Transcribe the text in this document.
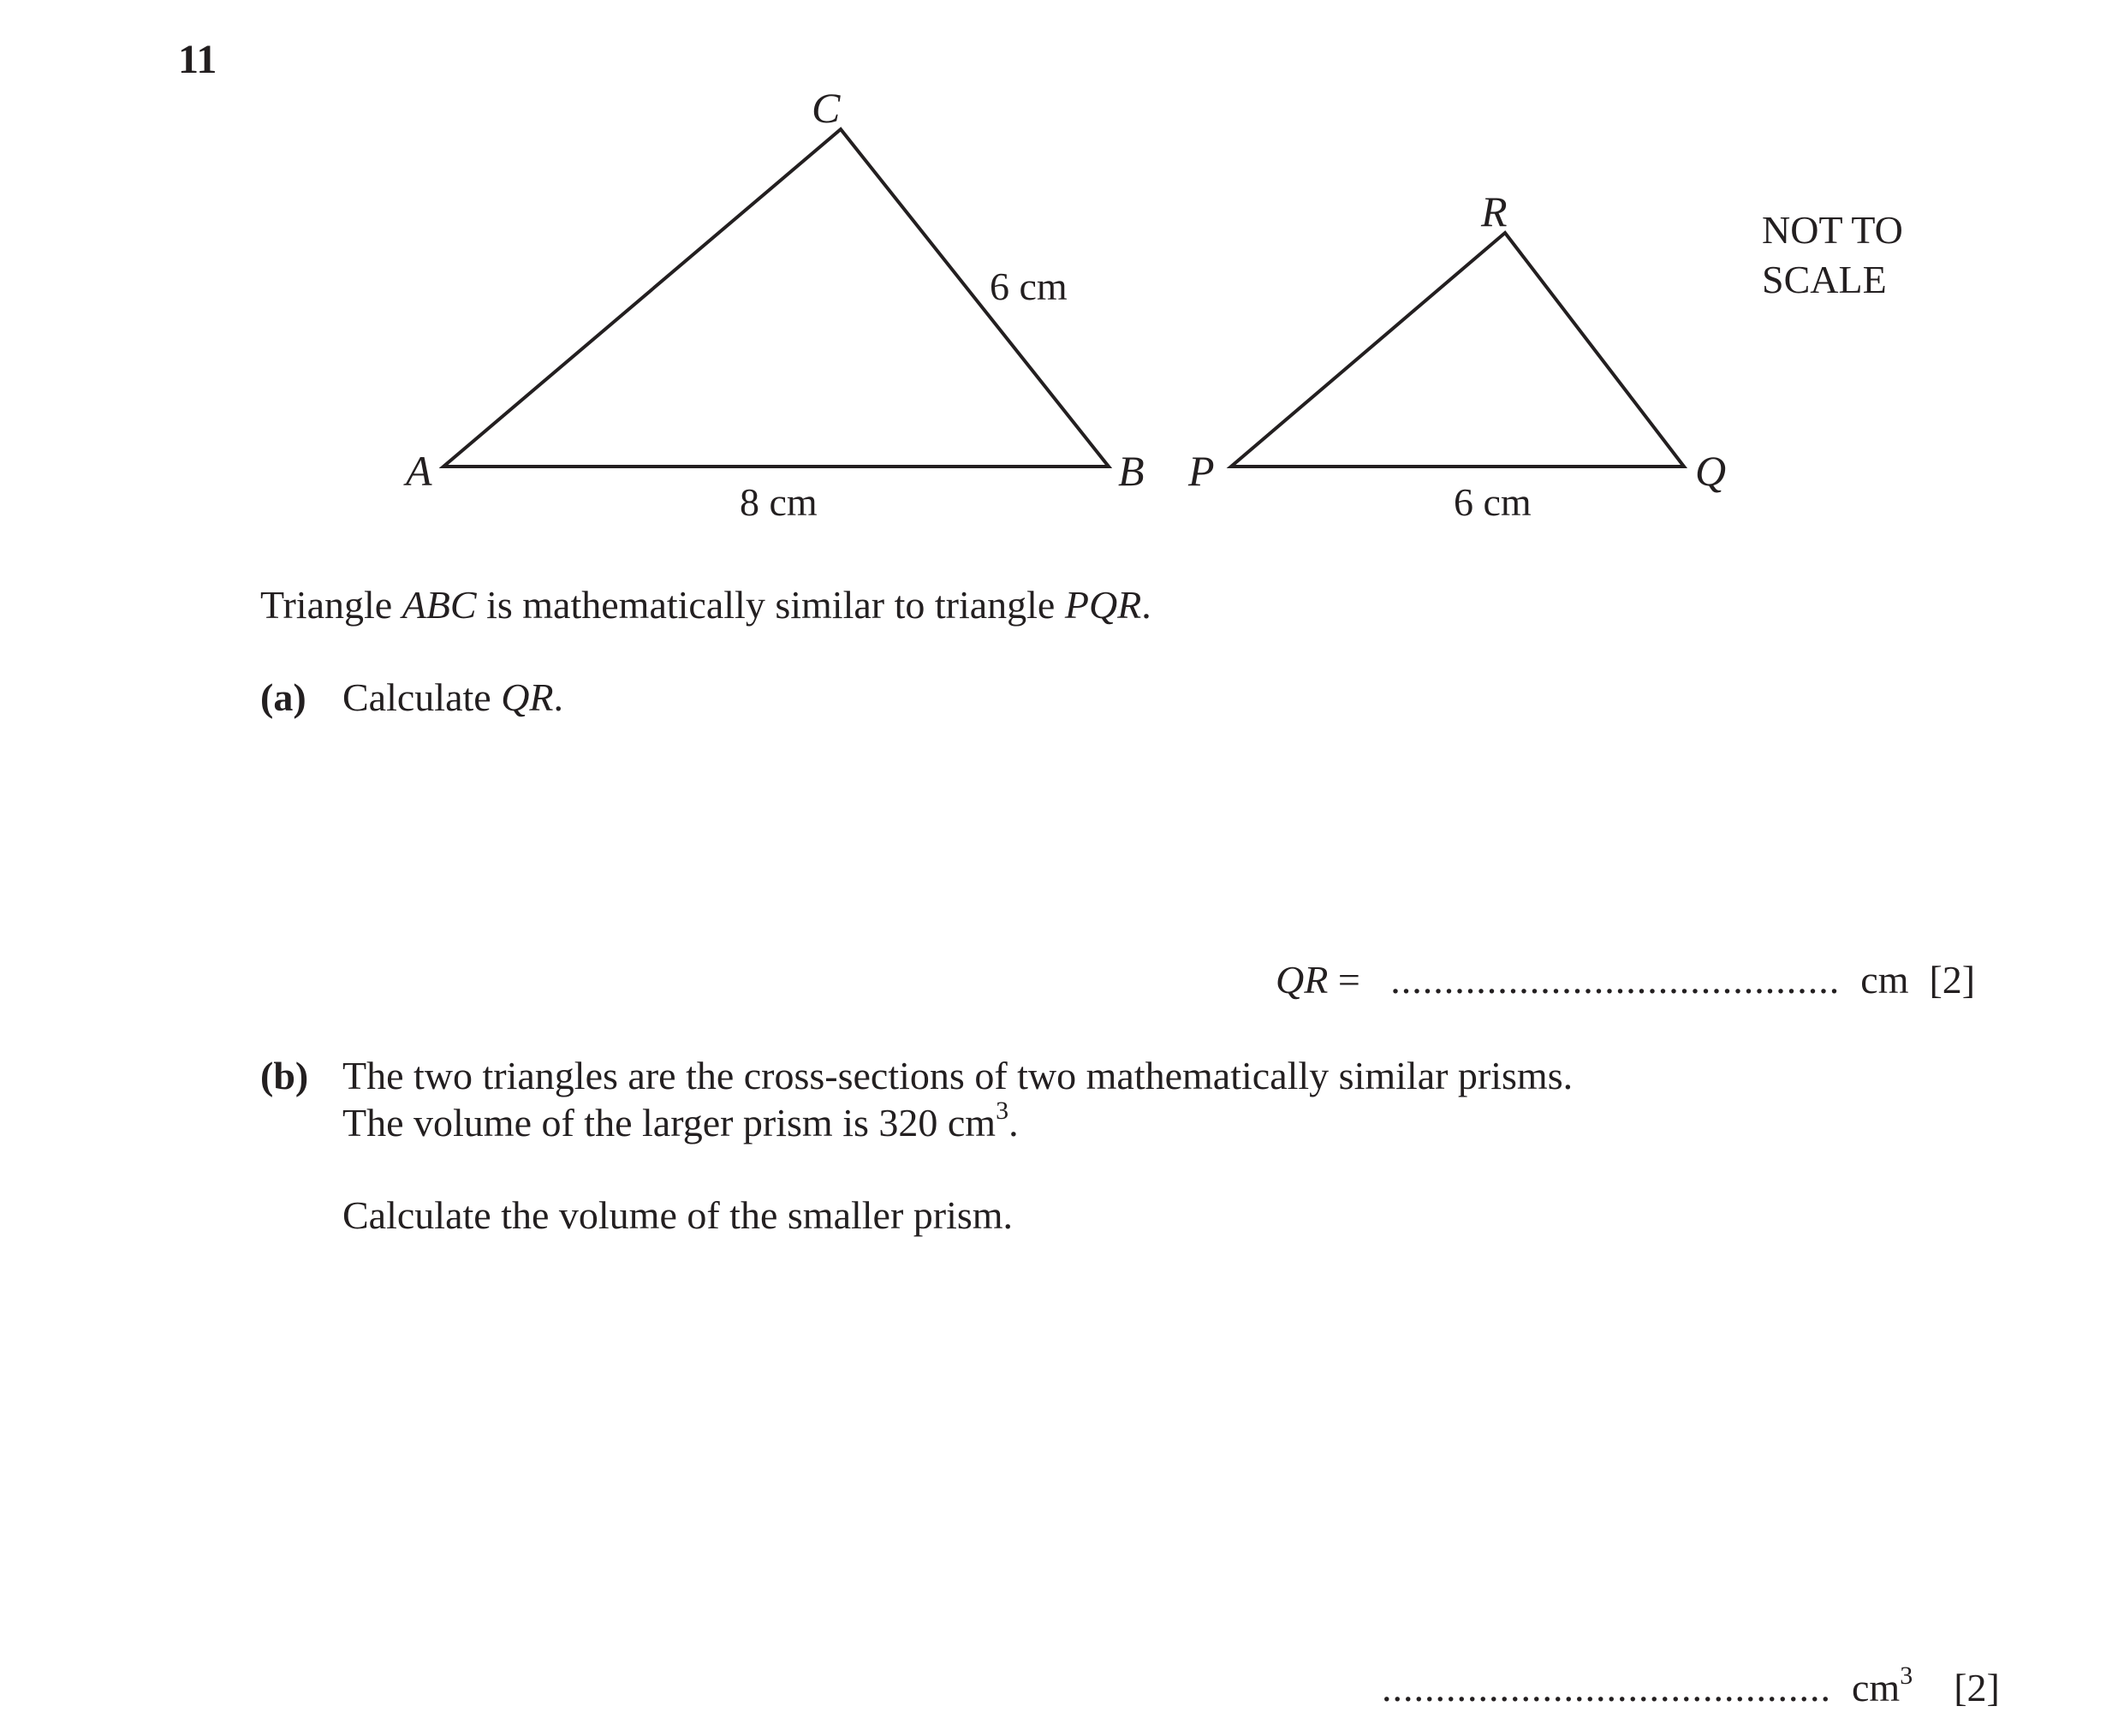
11
C
A	B
6 cm
8 cm
R
P	Q
6 cm
NOT TO
SCALE
Triangle ABC is mathematically similar to triangle PQR.
(a) Calculate QR.
QR = .......................................... cm [2]
(b) The two triangles are the cross-sections of two mathematically similar prisms.
The volume of the larger prism is 320 $cm^3$.
Calculate the volume of the smaller prism.
.......................................... $cm^3$ [2]
